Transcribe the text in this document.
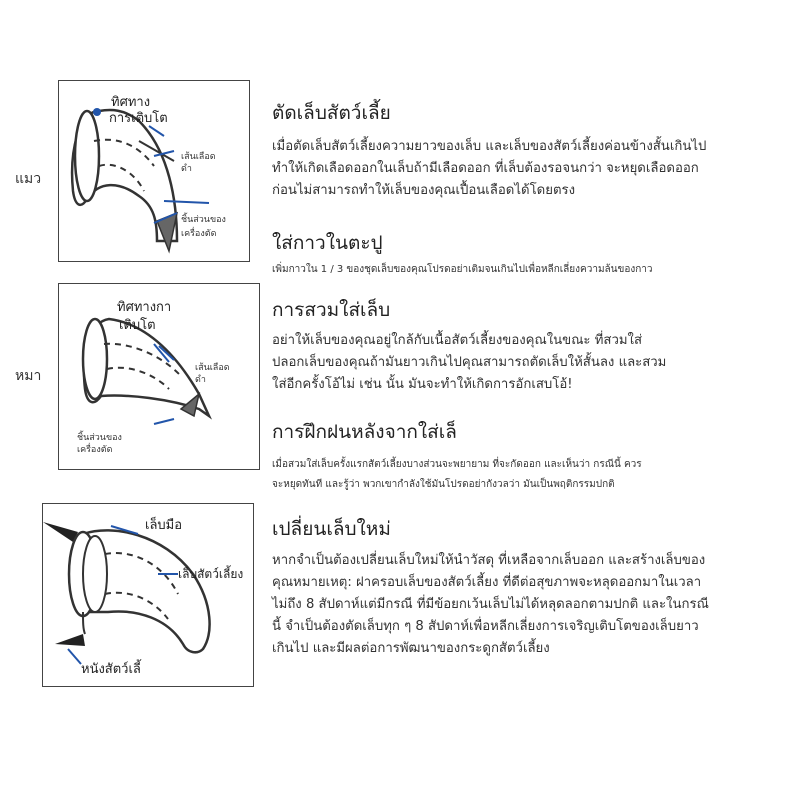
แมว
ทิศทาง
การเติบโต
เส้นเลือด
ดำ
ชิ้นส่วนของ
เครื่องตัด
หมา
ทิศทางกา
เติบโต
เส้นเลือด
ดำ
ชิ้นส่วนของ
เครื่องตัด
เล็บมือ
เล็บสัตว์เลี้ยง
หนังสัตว์เลี้
ตัดเล็บสัตว์เลี้ย
เมื่อตัดเล็บสัตว์เลี้ยงความยาวของเล็บ และเล็บของสัตว์เลี้ยงค่อนข้างสั้นเกินไป
ทำให้เกิดเลือดออกในเล็บถ้ามีเลือดออก ที่เล็บต้องรอจนกว่า จะหยุดเลือดออก
ก่อนไม่สามารถทำให้เล็บของคุณเปื้อนเลือดได้โดยตรง
ใส่กาวในตะปู
เพิ่มกาวใน 1 / 3 ของชุดเล็บของคุณโปรดอย่าเติมจนเกินไปเพื่อหลีกเลี่ยงความล้นของกาว
การสวมใส่เล็บ
อย่าให้เล็บของคุณอยู่ใกล้กับเนื้อสัตว์เลี้ยงของคุณในขณะ ที่สวมใส่
ปลอกเล็บของคุณถ้ามันยาวเกินไปคุณสามารถตัดเล็บให้สั้นลง และสวม
ใส่อีกครั้งโอ้ไม่ เช่น นั้น มันจะทำให้เกิดการอักเสบโอ้!
การฝึกฝนหลังจากใส่เล็
เมื่อสวมใส่เล็บครั้งแรกสัตว์เลี้ยงบางส่วนจะพยายาม ที่จะกัดออก และเห็นว่า กรณีนี้ ควร
จะหยุดทันที และรู้ว่า พวกเขากำลังใช้มันโปรดอย่ากังวลว่า มันเป็นพฤติกรรมปกติ
เปลี่ยนเล็บใหม่
หากจำเป็นต้องเปลี่ยนเล็บใหม่ให้นำวัสดุ ที่เหลือจากเล็บออก และสร้างเล็บของ
คุณหมายเหตุ: ฝาครอบเล็บของสัตว์เลี้ยง ที่ดีต่อสุขภาพจะหลุดออกมาในเวลา
ไม่ถึง 8 สัปดาห์แต่มีกรณี ที่มีข้อยกเว้นเล็บไม่ได้หลุดลอกตามปกติ และในกรณี
นี้ จำเป็นต้องตัดเล็บทุก ๆ 8 สัปดาห์เพื่อหลีกเลี่ยงการเจริญเติบโตของเล็บยาว
เกินไป และมีผลต่อการพัฒนาของกระดูกสัตว์เลี้ยง
